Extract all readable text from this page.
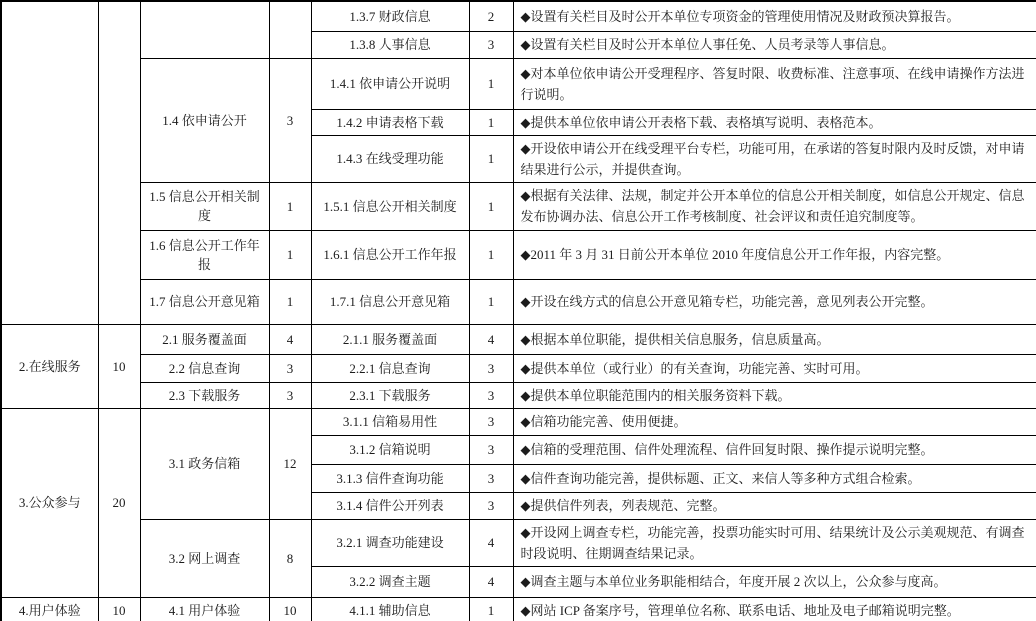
				1.3.7 财政信息	2	◆设置有关栏目及时公开本单位专项资金的管理使用情况及财政预决算报告。
				1.3.8 人事信息	3	◆设置有关栏目及时公开本单位人事任免、人员考录等人事信息。
		1.4 依申请公开	3	1.4.1 依申请公开说明	1	◆对本单位依申请公开受理程序、答复时限、收费标准、注意事项、在线申请操作方法进行说明。
				1.4.2 申请表格下载	1	◆提供本单位依申请公开表格下载、表格填写说明、表格范本。
				1.4.3 在线受理功能	1	◆开设依申请公开在线受理平台专栏，功能可用，在承诺的答复时限内及时反馈，对申请结果进行公示，并提供查询。
		1.5 信息公开相关制度	1	1.5.1 信息公开相关制度	1	◆根据有关法律、法规，制定并公开本单位的信息公开相关制度，如信息公开规定、信息发布协调办法、信息公开工作考核制度、社会评议和责任追究制度等。
		1.6 信息公开工作年报	1	1.6.1 信息公开工作年报	1	◆2011 年 3 月 31 日前公开本单位 2010 年度信息公开工作年报，内容完整。
		1.7 信息公开意见箱	1	1.7.1 信息公开意见箱	1	◆开设在线方式的信息公开意见箱专栏，功能完善，意见列表公开完整。
2.在线服务	10	2.1 服务覆盖面	4	2.1.1 服务覆盖面	4	◆根据本单位职能，提供相关信息服务，信息质量高。
		2.2 信息查询	3	2.2.1 信息查询	3	◆提供本单位（或行业）的有关查询，功能完善、实时可用。
		2.3 下载服务	3	2.3.1 下载服务	3	◆提供本单位职能范围内的相关服务资料下载。
3.公众参与	20	3.1 政务信箱	12	3.1.1 信箱易用性	3	◆信箱功能完善、使用便捷。
				3.1.2 信箱说明	3	◆信箱的受理范围、信件处理流程、信件回复时限、操作提示说明完整。
				3.1.3 信件查询功能	3	◆信件查询功能完善，提供标题、正文、来信人等多种方式组合检索。
				3.1.4 信件公开列表	3	◆提供信件列表，列表规范、完整。
		3.2 网上调查	8	3.2.1 调查功能建设	4	◆开设网上调查专栏，功能完善，投票功能实时可用、结果统计及公示美观规范、有调查时段说明、往期调查结果记录。
				3.2.2 调查主题	4	◆调查主题与本单位业务职能相结合，年度开展 2 次以上，公众参与度高。
4.用户体验	10	4.1 用户体验	10	4.1.1 辅助信息	1	◆网站 ICP 备案序号，管理单位名称、联系电话、地址及电子邮箱说明完整。
